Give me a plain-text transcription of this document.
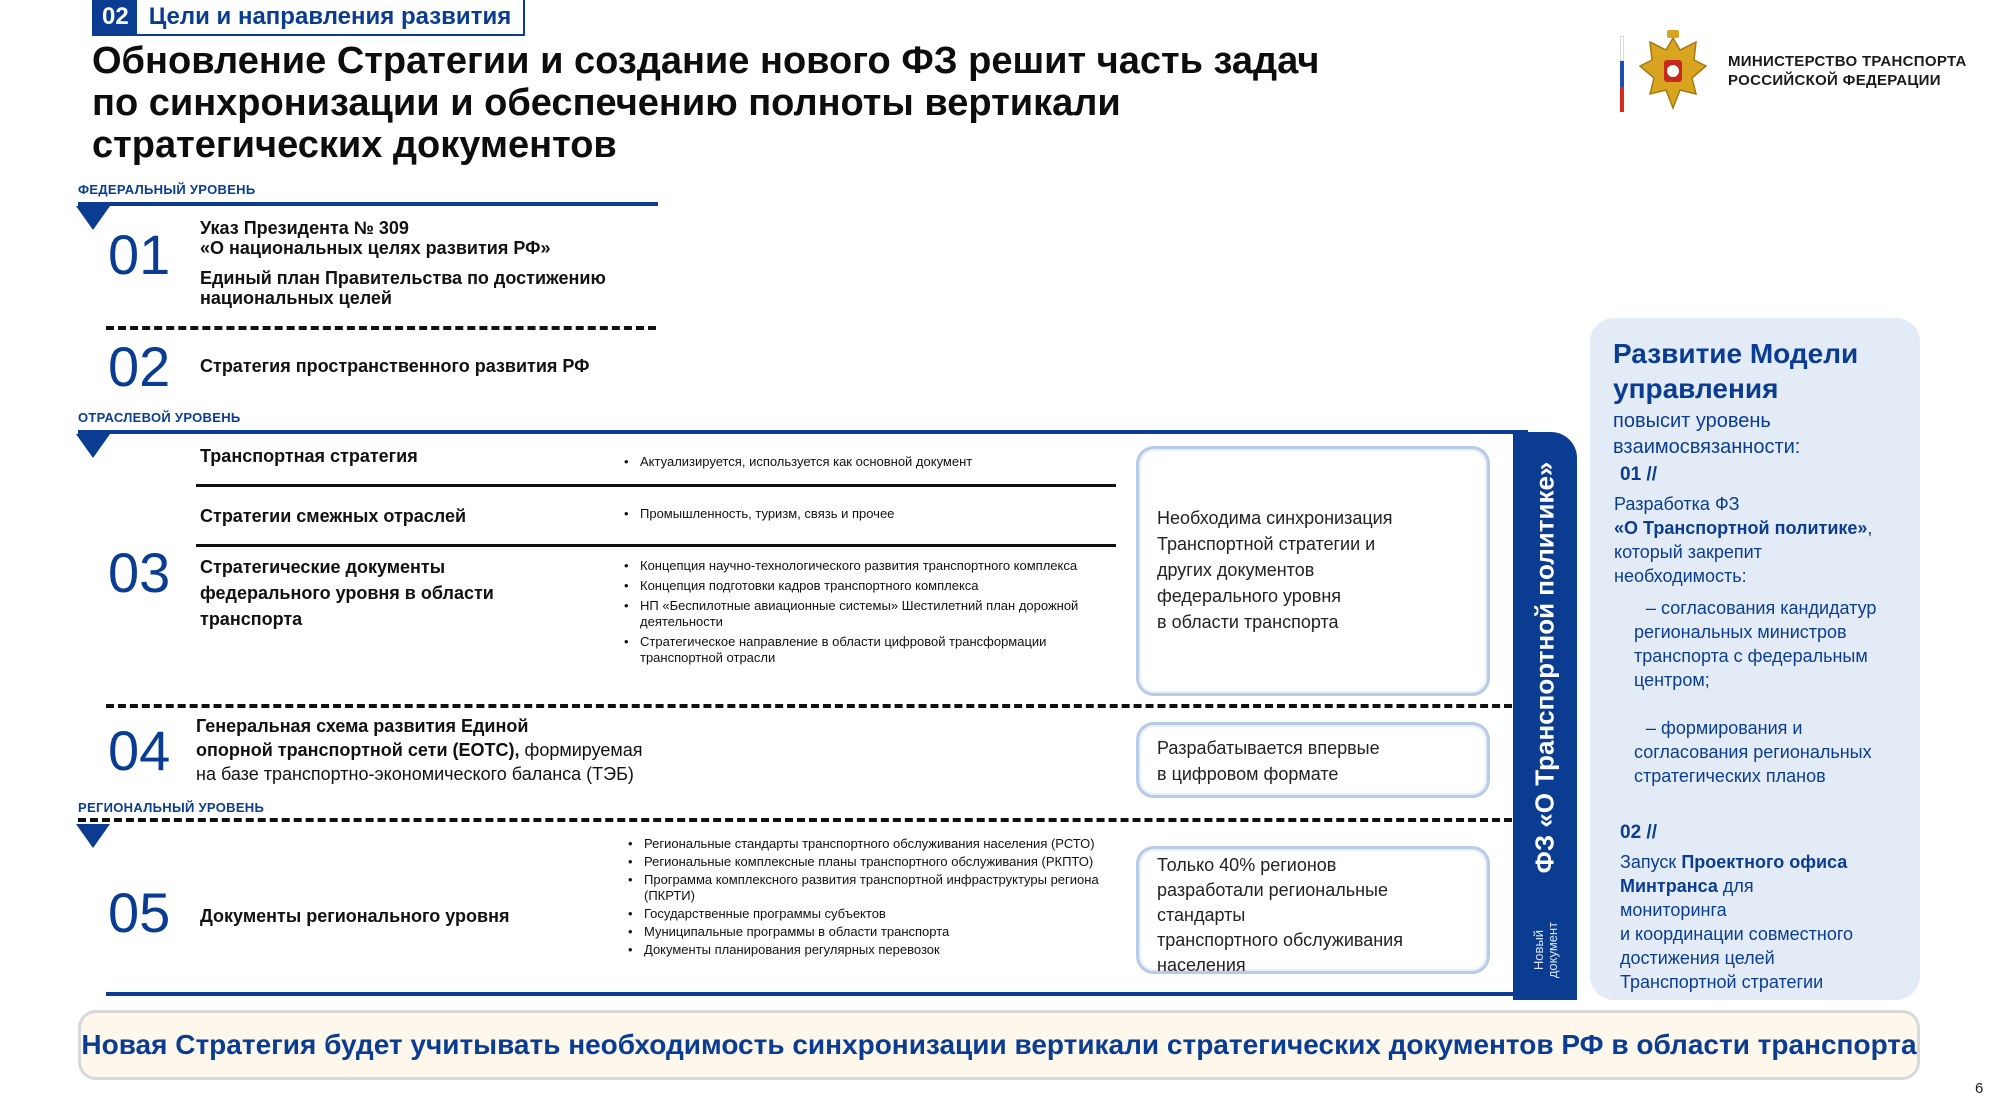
02 Цели и направления развития
Обновление Стратегии и создание нового ФЗ решит часть задач
по синхронизации и обеспечению полноты вертикали
стратегических документов
МИНИСТЕРСТВО ТРАНСПОРТА
РОССИЙСКОЙ ФЕДЕРАЦИИ
ФЕДЕРАЛЬНЫЙ УРОВЕНЬ
01 Указ Президента № 309
«О национальных целях развития РФ»
Единый план Правительства по достижению
национальных целей
02 Стратегия пространственного развития РФ
ОТРАСЛЕВОЙ УРОВЕНЬ
03
Транспортная стратегия	• Актуализируется, используется как основной документ
Стратегии смежных отраслей	• Промышленность, туризм, связь и прочее
Стратегические документы
федерального уровня в области
транспорта
• Концепция научно-технологического развития транспортного комплекса
• Концепция подготовки кадров транспортного комплекса
• НП «Беспилотные авиационные системы» Шестилетний план дорожной деятельности
• Стратегическое направление в области цифровой трансформации транспортной отрасли
Необходима синхронизация
Транспортной стратегии и
других документов
федерального уровня
в области транспорта
04 Генеральная схема развития Единой
опорной транспортной сети (ЕОТС), формируемая
на базе транспортно-экономического баланса (ТЭБ)
Разрабатывается впервые
в цифровом формате
РЕГИОНАЛЬНЫЙ УРОВЕНЬ
05 Документы регионального уровня
• Региональные стандарты транспортного обслуживания населения (РСТО)
• Региональные комплексные планы транспортного обслуживания (РКПТО)
• Программа комплексного развития транспортной инфраструктуры региона (ПКРТИ)
• Государственные программы субъектов
• Муниципальные программы в области транспорта
• Документы планирования регулярных перевозок
Только 40% регионов
разработали региональные
стандарты
транспортного обслуживания
населения
ФЗ «О Транспортной политике»
Новый
документ
Развитие Модели
управления
повысит уровень
взаимосвязанности:
01 //
Разработка ФЗ
«О Транспортной политике»,
который закрепит
необходимость:
– согласования кандидатур
региональных министров
транспорта с федеральным
центром;
– формирования и
согласования региональных
стратегических планов
02 //
Запуск Проектного офиса
Минтранса для
мониторинга
и координации совместного
достижения целей
Транспортной стратегии
Новая Стратегия будет учитывать необходимость синхронизации вертикали стратегических документов РФ в области транспорта
6
